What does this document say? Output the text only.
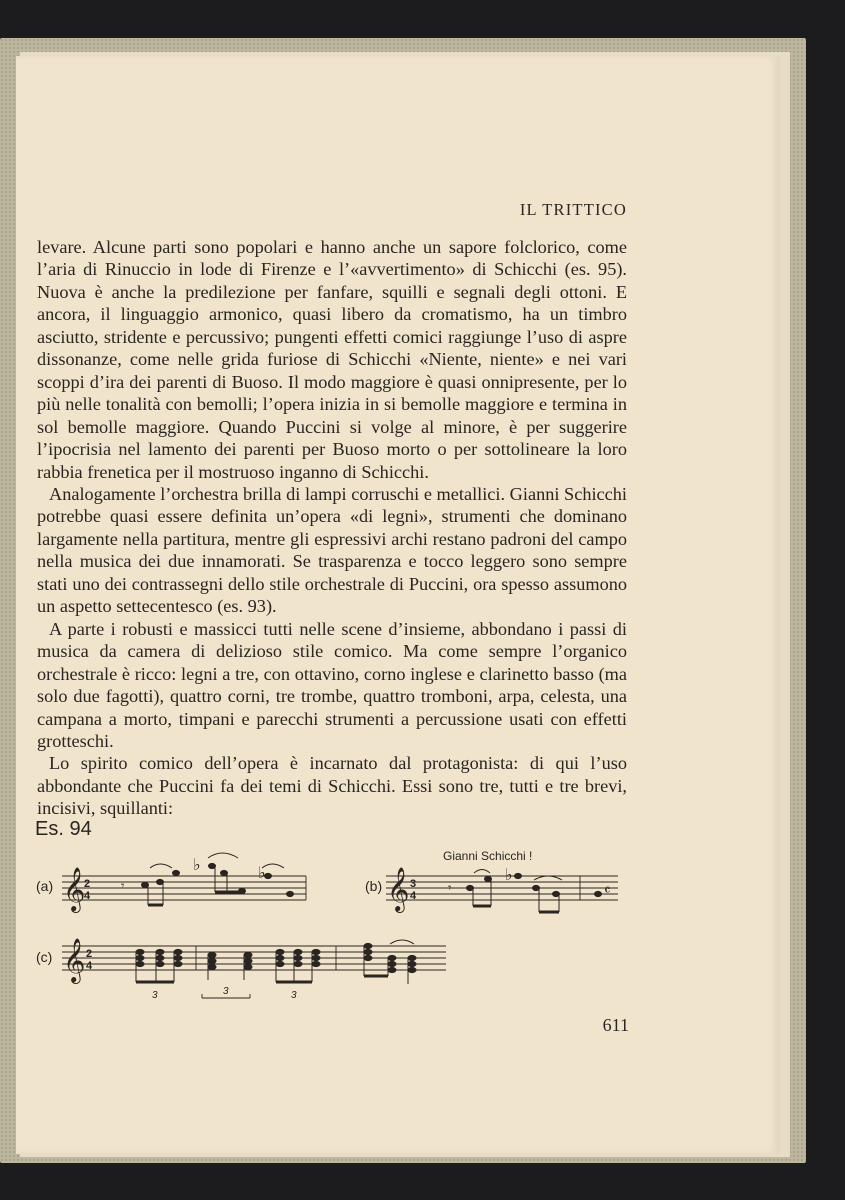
IL TRITTICO

levare. Alcune parti sono popolari e hanno anche un sapore folclorico, come l’aria di Rinuccio in lode di Firenze e l’«avvertimento» di Schicchi (es. 95). Nuova è anche la predilezione per fanfare, squilli e segnali degli ottoni. E ancora, il linguaggio armonico, quasi libero da cromatismo, ha un timbro asciutto, stridente e percussivo; pungenti effetti comici raggiunge l’uso di aspre dissonanze, come nelle grida furiose di Schicchi «Niente, niente» e nei vari scoppi d’ira dei parenti di Buoso. Il modo maggiore è quasi onnipresente, per lo più nelle tonalità con bemolli; l’opera inizia in si bemolle maggiore e termina in sol bemolle maggiore. Quando Puccini si volge al minore, è per suggerire l’ipocrisia nel lamento dei parenti per Buoso morto o per sottolineare la loro rabbia frenetica per il mostruoso inganno di Schicchi.

Analogamente l’orchestra brilla di lampi corruschi e metallici. Gianni Schicchi potrebbe quasi essere definita un’opera «di legni», strumenti che dominano largamente nella partitura, mentre gli espressivi archi restano padroni del campo nella musica dei due innamorati. Se trasparenza e tocco leggero sono sempre stati uno dei contrassegni dello stile orchestrale di Puccini, ora spesso assumono un aspetto settecentesco (es. 93).

A parte i robusti e massicci tutti nelle scene d’insieme, abbondano i passi di musica da camera di delizioso stile comico. Ma come sempre l’organico orchestrale è ricco: legni a tre, con ottavino, corno inglese e clarinetto basso (ma solo due fagotti), quattro corni, tre trombe, quattro tromboni, arpa, celesta, una campana a morto, timpani e parecchi strumenti a percussione usati con effetti grotteschi.

Lo spirito comico dell’opera è incarnato dal protagonista: di qui l’uso abbondante che Puccini fa dei temi di Schicchi. Essi sono tre, tutti e tre brevi, incisivi, squillanti:

Es. 94
(a)	(b)
(c)
Gianni Schicchi !
𝄞
2
4
♭	♭
𝄾	𝄞 3
4
♭
𝄾	𝄴
𝄞 2
4
3	3	3
611
